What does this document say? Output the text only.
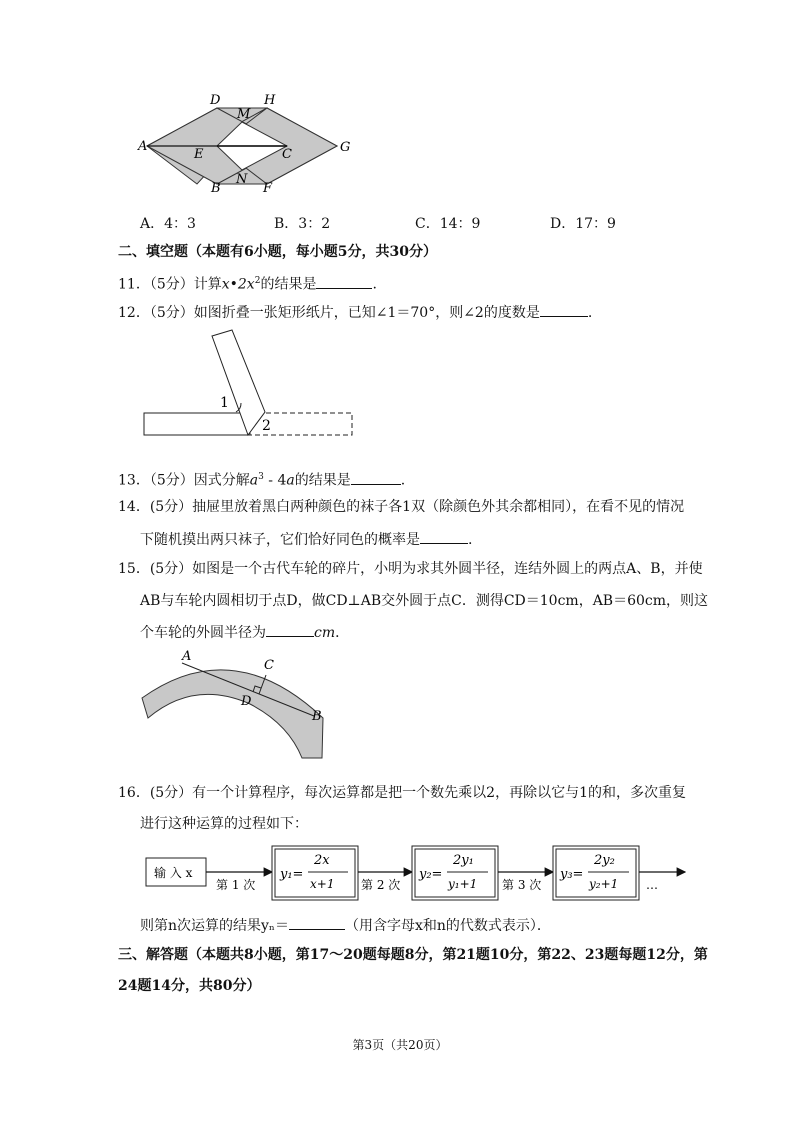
A
D
M
H
G
E	C
B
N
F
A．4：3	B．3：2	C．14：9	D．17：9
二、填空题（本题有6小题，每小题5分，共30分）
11．（5分）计算$x•2x^2$的结果是	.
12．（5分）如图折叠一张矩形纸片，已知∠1＝70°，则∠2的度数是	.
1
2
13．（5分）因式分解$a^3 - 4a$的结果是	.
14．(5分）抽屉里放着黑白两种颜色的袜子各1双（除颜色外其余都相同），在看不见的情况
下随机摸出两只袜子，它们恰好同色的概率是	.
15．(5分）如图是一个古代车轮的碎片，小明为求其外圆半径，连结外圆上的两点A、B，并使
AB与车轮内圆相切于点D，做CD⊥AB交外圆于点C．测得CD＝10cm，AB＝60cm，则这
个车轮的外圆半径为	cm．
A
C
D
B
16．(5分）有一个计算程序，每次运算都是把一个数先乘以2，再除以它与1的和，多次重复
进行这种运算的过程如下：
输 入 x
第 1 次
y₁=
2x
x+1 第 2 次
y₂=
2y₁
y₁+1 第 3 次
y₃=
2y₂
y₂+1 …
则第n次运算的结果yₙ＝	（用含字母x和n的代数式表示）．
三、解答题（本题共8小题，第17～20题每题8分，第21题10分，第22、23题每题12分，第
24题14分，共80分）
第3页（共20页）
